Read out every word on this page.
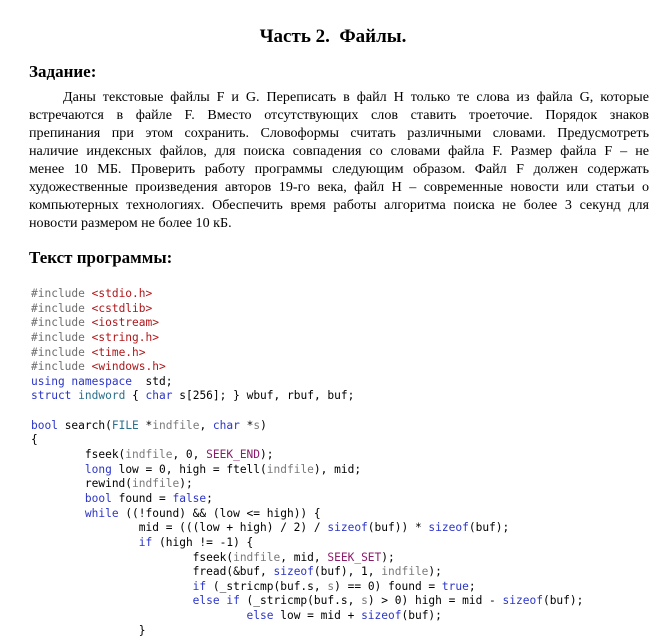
Часть 2.  Файлы.
Задание:
Даны текстовые файлы F и G. Переписать в файл H только те слова из файла G, которые
встречаются в файле F. Вместо отсутствующих слов ставить троеточие. Порядок знаков
препинания при этом сохранить. Словоформы считать различными словами. Предусмотреть
наличие индексных файлов, для поиска совпадения со словами файла F. Размер файла F – не
менее 10 МБ. Проверить работу программы следующим образом. Файл F должен содержать
художественные произведения авторов 19-го века, файл H – современные новости или статьи о
компьютерных технологиях. Обеспечить время работы алгоритма поиска не более 3 секунд для
новости размером не более 10 кБ.
Текст программы:
#include <stdio.h>
#include <cstdlib>
#include <iostream>
#include <string.h>
#include <time.h>
#include <windows.h>
using namespace  std;
struct indword { char s[256]; } wbuf, rbuf, buf;

bool search(FILE *indfile, char *s)
{
fseek(indfile, 0, SEEK_END);
long low = 0, high = ftell(indfile), mid;
rewind(indfile);
bool found = false;
while ((!found) && (low <= high)) {
mid = (((low + high) / 2) / sizeof(buf)) * sizeof(buf);
if (high != -1) {
fseek(indfile, mid, SEEK_SET);
fread(&buf, sizeof(buf), 1, indfile);
if (_stricmp(buf.s, s) == 0) found = true;
else if (_stricmp(buf.s, s) > 0) high = mid - sizeof(buf);
else low = mid + sizeof(buf);
}
